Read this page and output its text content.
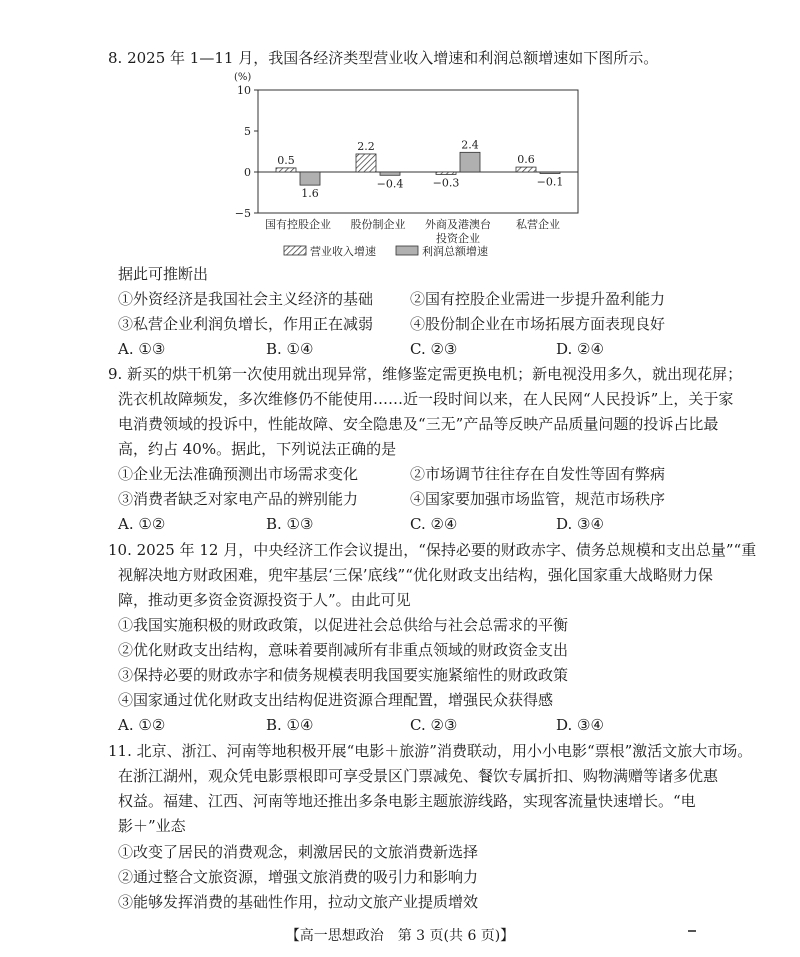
8. 2025 年 1—11 月，我国各经济类型营业收入增速和利润总额增速如下图所示。
(%)
10
5
0
−5
0.5
1.6
2.2
−0.4	−0.3
2.4
0.6
−0.1
国有控股企业 股份制企业 外商及港澳台
投资企业
私营企业
营业收入增速	利润总额增速
据此可推断出
①外资经济是我国社会主义经济的基础 ②国有控股企业需进一步提升盈利能力
③私营企业利润负增长，作用正在减弱 ④股份制企业在市场拓展方面表现良好
A. ①③	B. ①④	C. ②③	D. ②④
9. 新买的烘干机第一次使用就出现异常，维修鉴定需更换电机；新电视没用多久，就出现花屏；
洗衣机故障频发，多次维修仍不能使用……近一段时间以来，在人民网“人民投诉”上，关于家
电消费领域的投诉中，性能故障、安全隐患及“三无”产品等反映产品质量问题的投诉占比最
高，约占 40%。据此，下列说法正确的是
①企业无法准确预测出市场需求变化	②市场调节往往存在自发性等固有弊病
③消费者缺乏对家电产品的辨别能力	④国家要加强市场监管，规范市场秩序
A. ①②	B. ①③	C. ②④	D. ③④
10. 2025 年 12 月，中央经济工作会议提出，“保持必要的财政赤字、债务总规模和支出总量”“重
视解决地方财政困难，兜牢基层‘三保’底线”“优化财政支出结构，强化国家重大战略财力保
障，推动更多资金资源投资于人”。由此可见
①我国实施积极的财政政策，以促进社会总供给与社会总需求的平衡
②优化财政支出结构，意味着要削减所有非重点领域的财政资金支出
③保持必要的财政赤字和债务规模表明我国要实施紧缩性的财政政策
④国家通过优化财政支出结构促进资源合理配置，增强民众获得感
A. ①②	B. ①④	C. ②③	D. ③④
11. 北京、浙江、河南等地积极开展“电影＋旅游”消费联动，用小小电影“票根”激活文旅大市场。
在浙江湖州，观众凭电影票根即可享受景区门票减免、餐饮专属折扣、购物满赠等诸多优惠
权益。福建、江西、河南等地还推出多条电影主题旅游线路，实现客流量快速增长。“电
影＋”业态
①改变了居民的消费观念，刺激居民的文旅消费新选择
②通过整合文旅资源，增强文旅消费的吸引力和影响力
③能够发挥消费的基础性作用，拉动文旅产业提质增效
【高一思想政治　第 3 页(共 6 页)】
